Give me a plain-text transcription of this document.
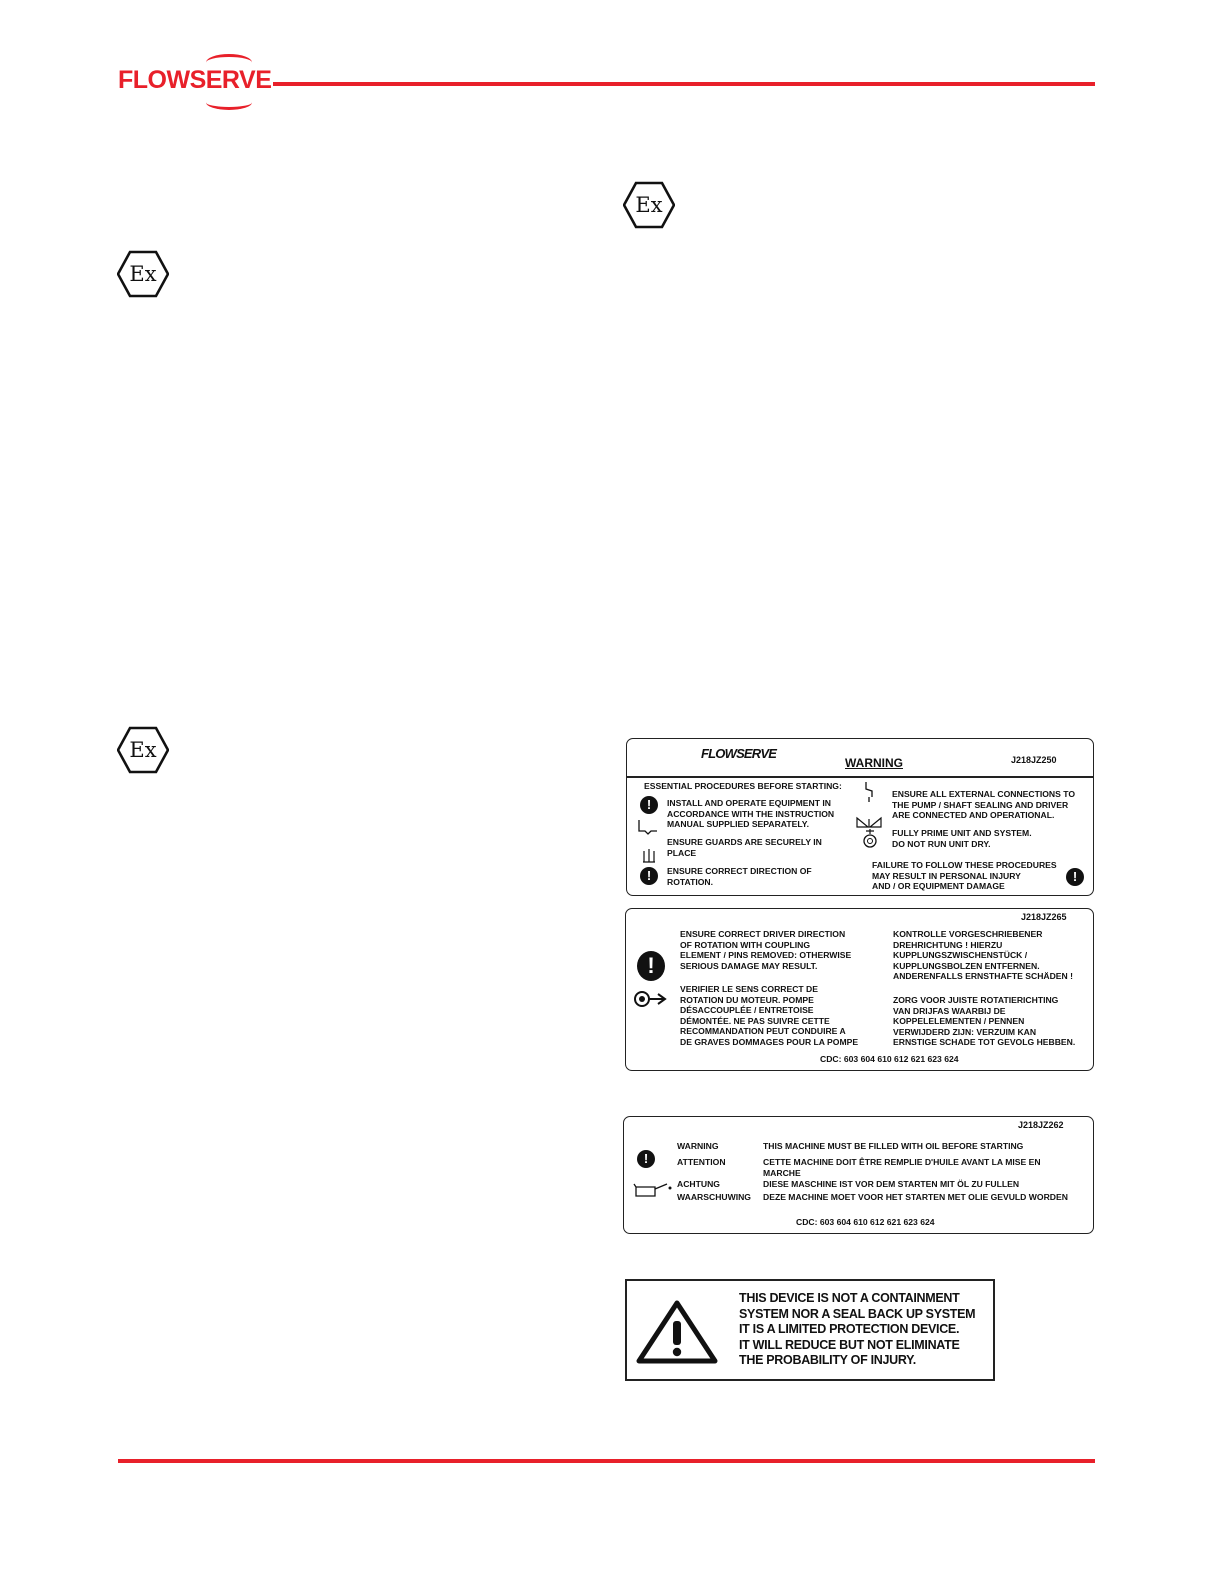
FLOWSERVE
Ex
Ex
Ex	FLOWSERVE
WARNING	J218JZ250
ESSENTIAL PROCEDURES BEFORE STARTING:
!	INSTALL AND OPERATE EQUIPMENT IN
ACCORDANCE WITH THE INSTRUCTION
MANUAL SUPPLIED SEPARATELY.
ENSURE GUARDS ARE SECURELY IN
PLACE
!	ENSURE CORRECT DIRECTION OF
ROTATION.
ENSURE ALL EXTERNAL CONNECTIONS TO
THE PUMP / SHAFT SEALING AND DRIVER
ARE CONNECTED AND OPERATIONAL.
FULLY PRIME UNIT AND SYSTEM.
DO NOT RUN UNIT DRY.
FAILURE TO FOLLOW THESE PROCEDURES
MAY RESULT IN PERSONAL INJURY
AND / OR EQUIPMENT DAMAGE
!
J218JZ265
!
ENSURE CORRECT DRIVER DIRECTION
OF ROTATION WITH COUPLING
ELEMENT / PINS REMOVED: OTHERWISE
SERIOUS DAMAGE MAY RESULT.
KONTROLLE VORGESCHRIEBENER
DREHRICHTUNG ! HIERZU
KUPPLUNGSZWISCHENSTÜCK /
KUPPLUNGSBOLZEN ENTFERNEN.
ANDERENFALLS ERNSTHAFTE SCHÄDEN !
VERIFIER LE SENS CORRECT DE
ROTATION DU MOTEUR. POMPE
DÉSACCOUPLÉE / ENTRETOISE
DÉMONTÉE. NE PAS SUIVRE CETTE
RECOMMANDATION PEUT CONDUIRE A
DE GRAVES DOMMAGES POUR LA POMPE
ZORG VOOR JUISTE ROTATIERICHTING
VAN DRIJFAS WAARBIJ DE
KOPPELELEMENTEN / PENNEN
VERWIJDERD ZIJN: VERZUIM KAN
ERNSTIGE SCHADE TOT GEVOLG HEBBEN.
CDC: 603 604 610 612 621 623 624
J218JZ262
!
WARNING	THIS MACHINE MUST BE FILLED WITH OIL BEFORE STARTING
ATTENTION	CETTE MACHINE DOIT ÊTRE REMPLIE D'HUILE AVANT LA MISE EN
MARCHE
ACHTUNG	DIESE MASCHINE IST VOR DEM STARTEN MIT ÖL ZU FULLEN
WAARSCHUWING DEZE MACHINE MOET VOOR HET STARTEN MET OLIE GEVULD WORDEN
CDC: 603 604 610 612 621 623 624
THIS DEVICE IS NOT A CONTAINMENT
SYSTEM NOR A SEAL BACK UP SYSTEM
IT IS A LIMITED PROTECTION DEVICE.
IT WILL REDUCE BUT NOT ELIMINATE
THE PROBABILITY OF INJURY.
